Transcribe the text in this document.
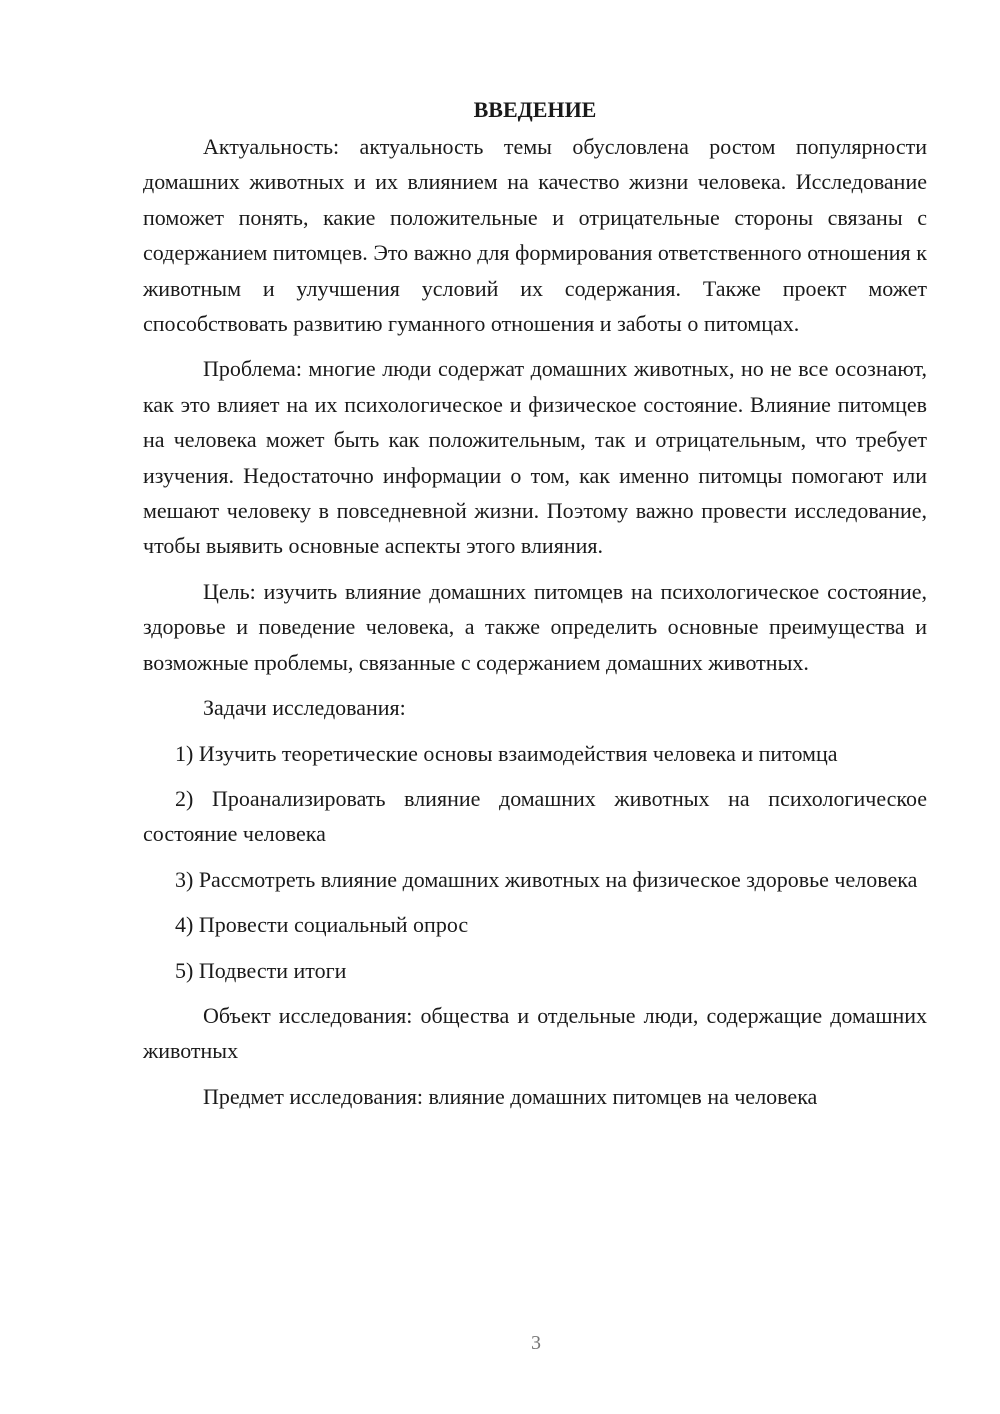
ВВЕДЕНИЕ

Актуальность: актуальность темы обусловлена ростом популярности домашних животных и их влиянием на качество жизни человека. Исследование поможет понять, какие положительные и отрицательные стороны связаны с содержанием питомцев. Это важно для формирования ответственного отношения к животным и улучшения условий их содержания. Также проект может способствовать развитию гуманного отношения и заботы о питомцах.

Проблема: многие люди содержат домашних животных, но не все осознают, как это влияет на их психологическое и физическое состояние. Влияние питомцев на человека может быть как положительным, так и отрицательным, что требует изучения. Недостаточно информации о том, как именно питомцы помогают или мешают человеку в повседневной жизни. Поэтому важно провести исследование, чтобы выявить основные аспекты этого влияния.

Цель: изучить влияние домашних питомцев на психологическое состояние, здоровье и поведение человека, а также определить основные преимущества и возможные проблемы, связанные с содержанием домашних животных.

Задачи исследования:

1) Изучить теоретические основы взаимодействия человека и питомца

2) Проанализировать влияние домашних животных на психологическое состояние человека

3) Рассмотреть влияние домашних животных на физическое здоровье человека

4) Провести социальный опрос

5) Подвести итоги

Объект исследования: общества и отдельные люди, содержащие домашних животных

Предмет исследования: влияние домашних питомцев на человека

3
